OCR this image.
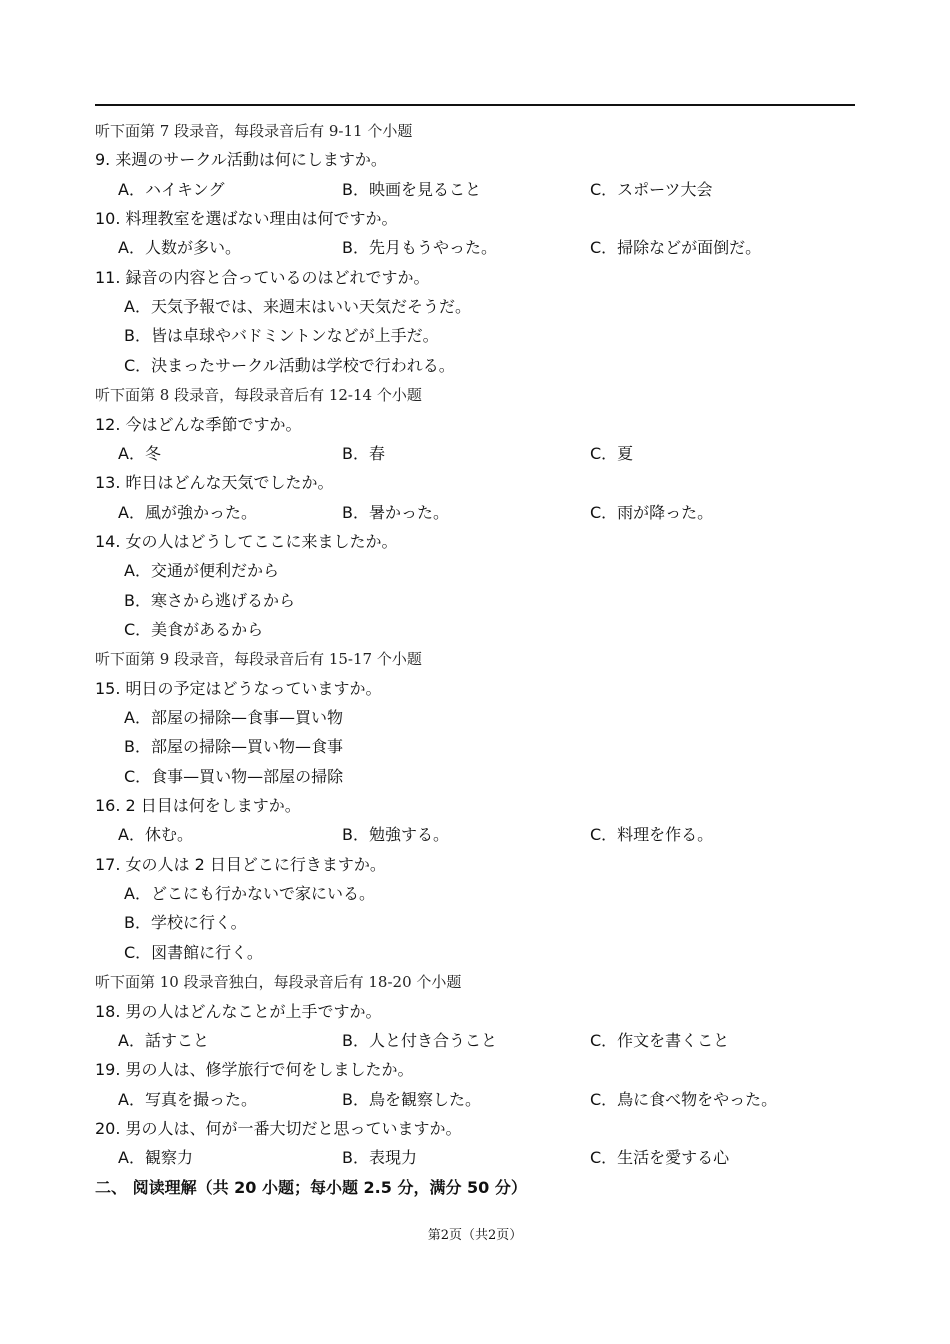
听下面第 7 段录音，每段录音后有 9-11 个小题
9. 来週のサークル活動は何にしますか。
A．ハイキング	B．映画を見ること	C．スポーツ大会
10. 料理教室を選ばない理由は何ですか。
A．人数が多い。	B．先月もうやった。	C．掃除などが面倒だ。
11. 録音の内容と合っているのはどれですか。
A．天気予報では、来週末はいい天気だそうだ。
B．皆は卓球やバドミントンなどが上手だ。
C．決まったサークル活動は学校で行われる。
听下面第 8 段录音，每段录音后有 12-14 个小题
12. 今はどんな季節ですか。
A．冬	B．春	C．夏
13. 昨日はどんな天気でしたか。
A．風が強かった。	B．暑かった。	C．雨が降った。
14. 女の人はどうしてここに来ましたか。
A．交通が便利だから
B．寒さから逃げるから
C．美食があるから
听下面第 9 段录音，每段录音后有 15-17 个小题
15. 明日の予定はどうなっていますか。
A．部屋の掃除—食事—買い物
B．部屋の掃除—買い物—食事
C．食事—買い物—部屋の掃除
16. 2 日目は何をしますか。
A．休む。	B．勉強する。	C．料理を作る。
17. 女の人は 2 日目どこに行きますか。
A．どこにも行かないで家にいる。
B．学校に行く。
C．図書館に行く。
听下面第 10 段录音独白，每段录音后有 18-20 个小题
18. 男の人はどんなことが上手ですか。
A．話すこと	B．人と付き合うこと	C．作文を書くこと
19. 男の人は、修学旅行で何をしましたか。
A．写真を撮った。	B．鳥を観察した。	C．鳥に食べ物をやった。
20. 男の人は、何が一番大切だと思っていますか。
A．観察力	B．表現力	C．生活を愛する心
二、 阅读理解（共 20 小题；每小题 2.5 分，满分 50 分）
第2页（共2页）
